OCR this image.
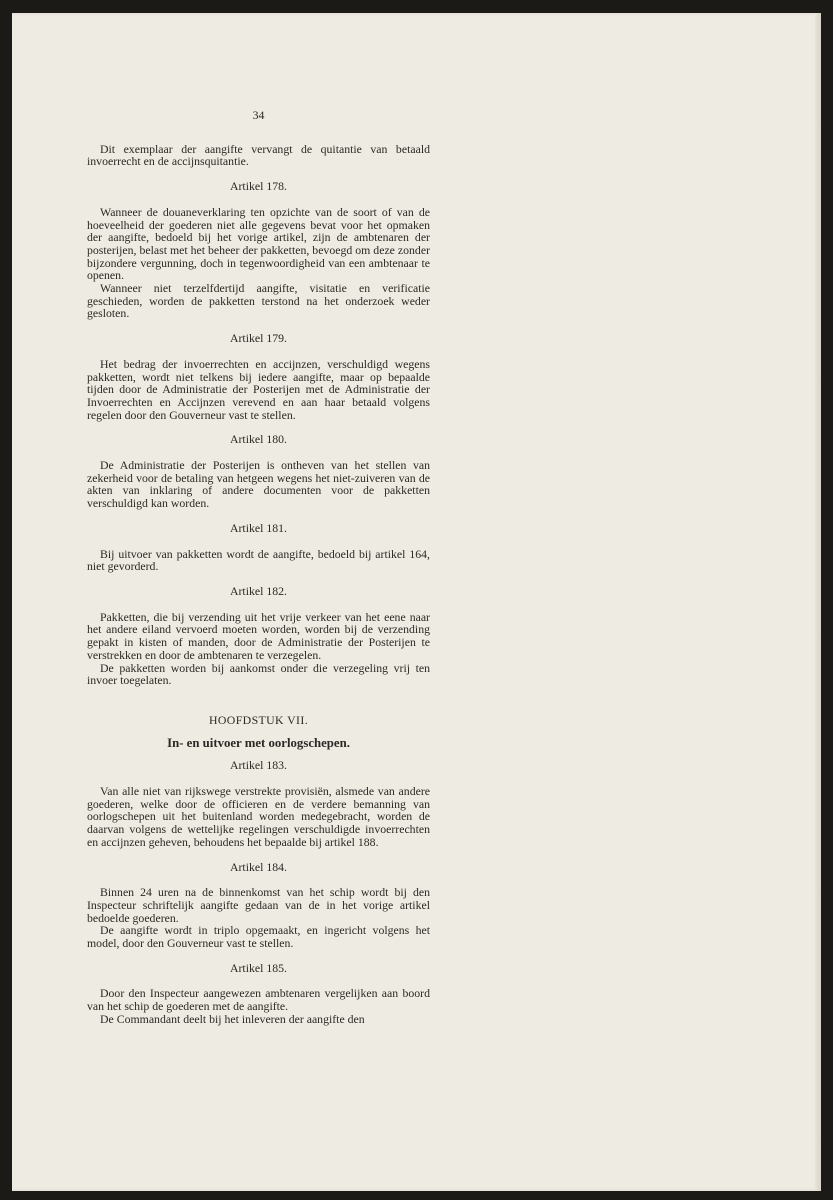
34

Dit exemplaar der aangifte vervangt de quitantie van betaald invoerrecht en de accijnsquitantie.

Artikel 178.

Wanneer de douaneverklaring ten opzichte van de soort of van de hoeveelheid der goederen niet alle gegevens bevat voor het opmaken der aangifte, bedoeld bij het vorige artikel, zijn de ambtenaren der posterijen, belast met het beheer der pakketten, bevoegd om deze zonder bijzondere vergunning, doch in tegenwoordigheid van een ambtenaar te openen.

Wanneer niet terzelfdertijd aangifte, visitatie en verificatie geschieden, worden de pakketten terstond na het onderzoek weder gesloten.

Artikel 179.

Het bedrag der invoerrechten en accijnzen, verschuldigd wegens pakketten, wordt niet telkens bij iedere aangifte, maar op bepaalde tijden door de Administratie der Posterijen met de Administratie der Invoerrechten en Accijnzen verevend en aan haar betaald volgens regelen door den Gouverneur vast te stellen.

Artikel 180.

De Administratie der Posterijen is ontheven van het stellen van zekerheid voor de betaling van hetgeen wegens het niet-zuiveren van de akten van inklaring of andere documenten voor de pakketten verschuldigd kan worden.

Artikel 181.

Bij uitvoer van pakketten wordt de aangifte, bedoeld bij artikel 164, niet gevorderd.

Artikel 182.

Pakketten, die bij verzending uit het vrije verkeer van het eene naar het andere eiland vervoerd moeten worden, worden bij de verzending gepakt in kisten of manden, door de Administratie der Posterijen te verstrekken en door de ambtenaren te verzegelen.

De pakketten worden bij aankomst onder die verzegeling vrij ten invoer toegelaten.

HOOFDSTUK VII.
In- en uitvoer met oorlogschepen.
Artikel 183.

Van alle niet van rijkswege verstrekte provisiën, alsmede van andere goederen, welke door de officieren en de verdere bemanning van oorlogschepen uit het buitenland worden medegebracht, worden de daarvan volgens de wettelijke regelingen verschuldigde invoerrechten en accijnzen geheven, behoudens het bepaalde bij artikel 188.

Artikel 184.

Binnen 24 uren na de binnenkomst van het schip wordt bij den Inspecteur schriftelijk aangifte gedaan van de in het vorige artikel bedoelde goederen.

De aangifte wordt in triplo opgemaakt, en ingericht volgens het model, door den Gouverneur vast te stellen.

Artikel 185.

Door den Inspecteur aangewezen ambtenaren vergelijken aan boord van het schip de goederen met de aangifte.

De Commandant deelt bij het inleveren der aangifte den
